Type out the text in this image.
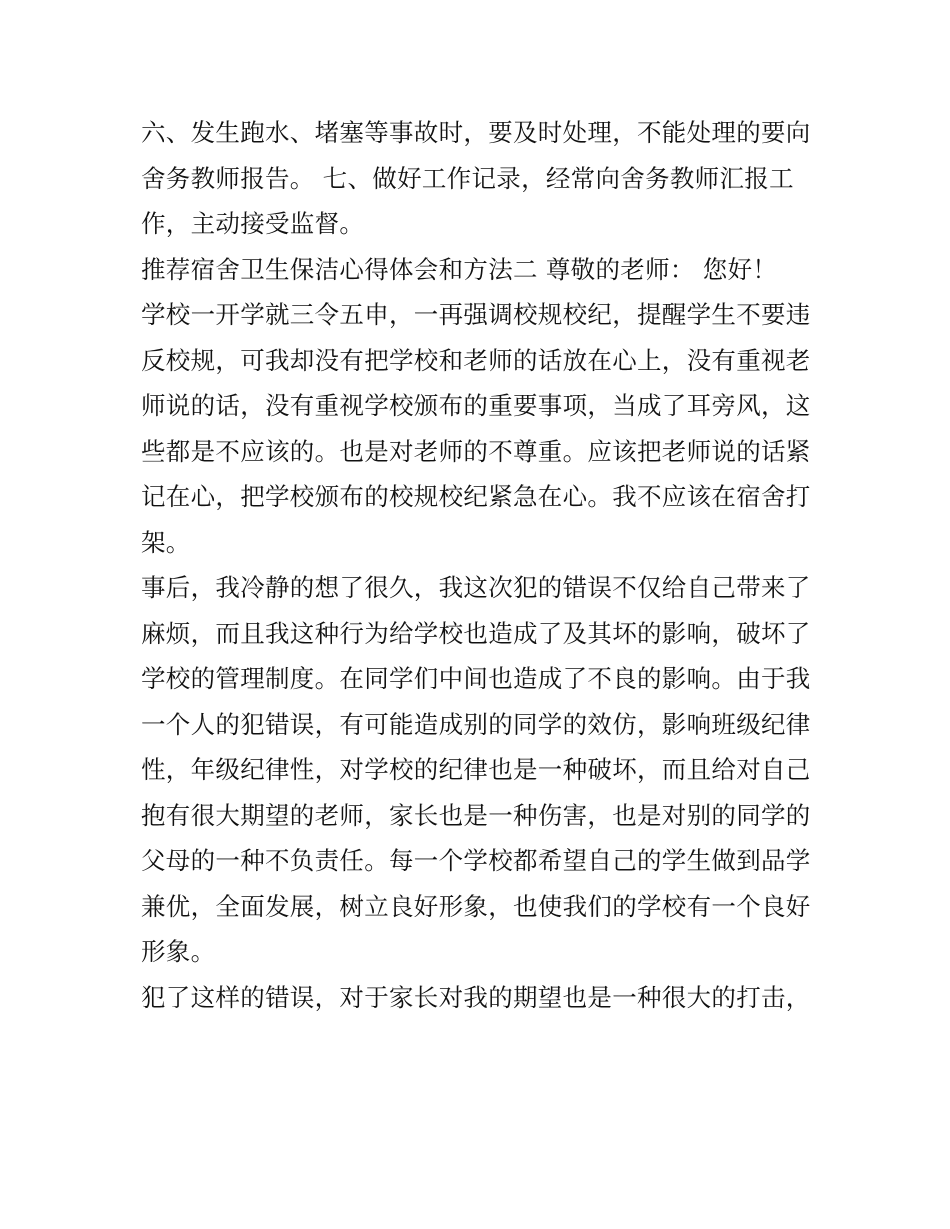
六、发生跑水、堵塞等事故时，要及时处理，不能处理的要向舍务教师报告。 七、做好工作记录，经常向舍务教师汇报工作，主动接受监督。

推荐宿舍卫生保洁心得体会和方法二 尊敬的老师： 您好！

学校一开学就三令五申，一再强调校规校纪，提醒学生不要违反校规，可我却没有把学校和老师的话放在心上，没有重视老师说的话，没有重视学校颁布的重要事项，当成了耳旁风，这些都是不应该的。也是对老师的不尊重。应该把老师说的话紧记在心，把学校颁布的校规校纪紧急在心。我不应该在宿舍打架。

事后，我冷静的想了很久，我这次犯的错误不仅给自己带来了麻烦，而且我这种行为给学校也造成了及其坏的影响，破坏了学校的管理制度。在同学们中间也造成了不良的影响。由于我一个人的犯错误，有可能造成别的同学的效仿，影响班级纪律性，年级纪律性，对学校的纪律也是一种破坏，而且给对自己抱有很大期望的老师，家长也是一种伤害，也是对别的同学的父母的一种不负责任。每一个学校都希望自己的学生做到品学兼优，全面发展，树立良好形象，也使我们的学校有一个良好形象。

犯了这样的错误，对于家长对我的期望也是一种很大的打击，
